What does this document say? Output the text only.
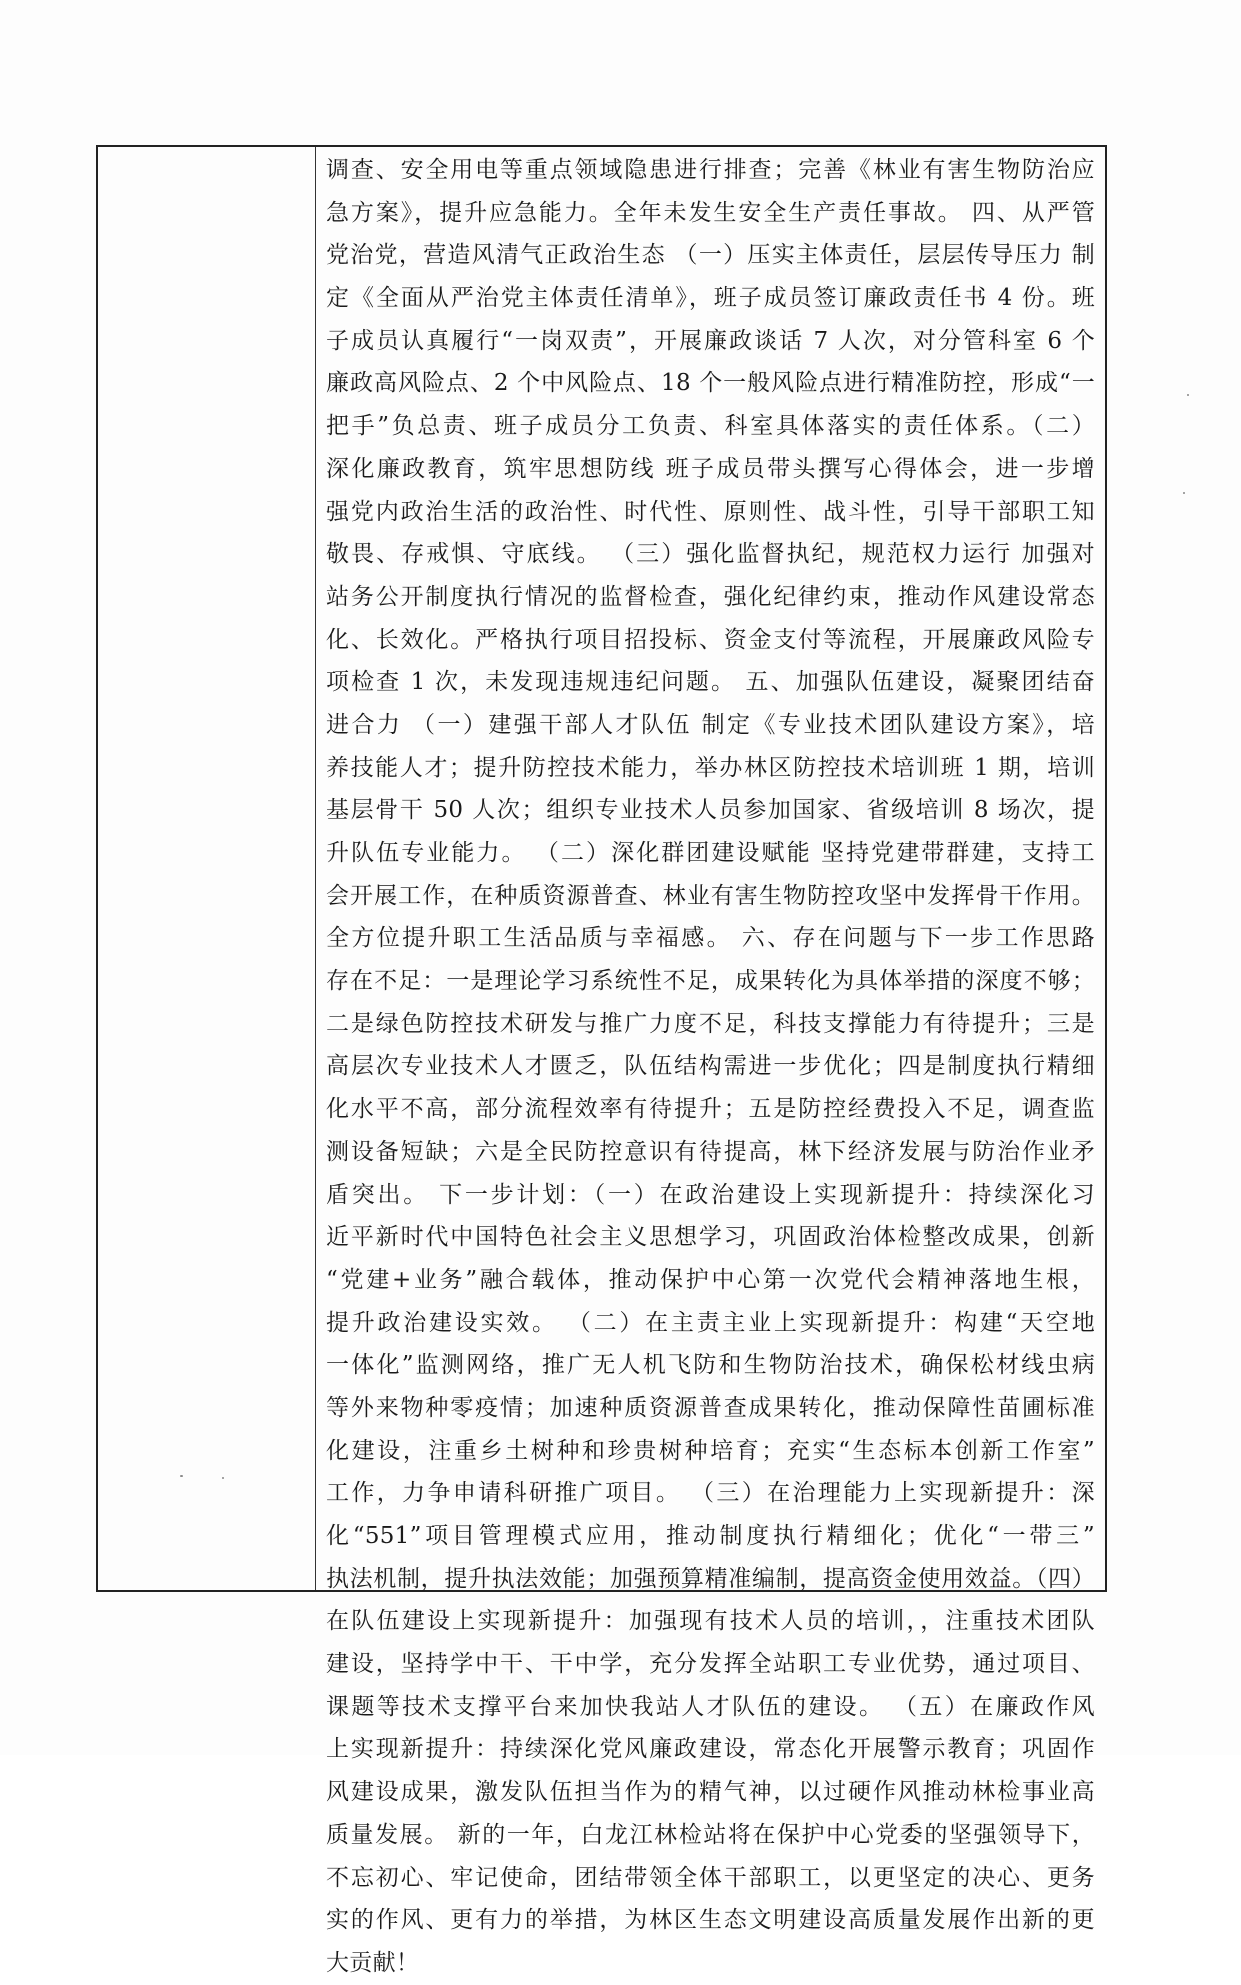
调查、安全用电等重点领域隐患进行排查；完善《林业有害生物防治应
急方案》，提升应急能力。全年未发生安全生产责任事故。 四、从严管
党治党，营造风清气正政治生态 （一）压实主体责任，层层传导压力 制
定《全面从严治党主体责任清单》，班子成员签订廉政责任书 4 份。班
子成员认真履行“一岗双责”，开展廉政谈话 7 人次，对分管科室 6 个
廉政高风险点、2 个中风险点、18 个一般风险点进行精准防控，形成“一
把手”负总责、班子成员分工负责、科室具体落实的责任体系。（二）
深化廉政教育，筑牢思想防线 班子成员带头撰写心得体会，进一步增
强党内政治生活的政治性、时代性、原则性、战斗性，引导干部职工知
敬畏、存戒惧、守底线。 （三）强化监督执纪，规范权力运行 加强对
站务公开制度执行情况的监督检查，强化纪律约束，推动作风建设常态
化、长效化。严格执行项目招投标、资金支付等流程，开展廉政风险专
项检查 1 次，未发现违规违纪问题。 五、加强队伍建设，凝聚团结奋
进合力 （一）建强干部人才队伍 制定《专业技术团队建设方案》，培
养技能人才；提升防控技术能力，举办林区防控技术培训班 1 期，培训
基层骨干 50 人次；组织专业技术人员参加国家、省级培训 8 场次，提
升队伍专业能力。 （二）深化群团建设赋能 坚持党建带群建，支持工
会开展工作，在种质资源普查、林业有害生物防控攻坚中发挥骨干作用。
全方位提升职工生活品质与幸福感。 六、存在问题与下一步工作思路
存在不足：一是理论学习系统性不足，成果转化为具体举措的深度不够；
二是绿色防控技术研发与推广力度不足，科技支撑能力有待提升；三是
高层次专业技术人才匮乏，队伍结构需进一步优化；四是制度执行精细
化水平不高，部分流程效率有待提升；五是防控经费投入不足，调查监
测设备短缺；六是全民防控意识有待提高，林下经济发展与防治作业矛
盾突出。 下一步计划：（一）在政治建设上实现新提升：持续深化习
近平新时代中国特色社会主义思想学习，巩固政治体检整改成果，创新
“党建+业务”融合载体，推动保护中心第一次党代会精神落地生根，
提升政治建设实效。 （二）在主责主业上实现新提升：构建“天空地
一体化”监测网络，推广无人机飞防和生物防治技术，确保松材线虫病
等外来物种零疫情；加速种质资源普查成果转化，推动保障性苗圃标准
化建设，注重乡土树种和珍贵树种培育；充实“生态标本创新工作室”
工作，力争申请科研推广项目。 （三）在治理能力上实现新提升：深
化“551”项目管理模式应用，推动制度执行精细化；优化“一带三”
执法机制，提升执法效能；加强预算精准编制，提高资金使用效益。（四）
在队伍建设上实现新提升：加强现有技术人员的培训，，注重技术团队
建设，坚持学中干、干中学，充分发挥全站职工专业优势，通过项目、
课题等技术支撑平台来加快我站人才队伍的建设。 （五）在廉政作风
上实现新提升：持续深化党风廉政建设，常态化开展警示教育；巩固作
风建设成果，激发队伍担当作为的精气神，以过硬作风推动林检事业高
质量发展。 新的一年，白龙江林检站将在保护中心党委的坚强领导下，
不忘初心、牢记使命，团结带领全体干部职工，以更坚定的决心、更务
实的作风、更有力的举措，为林区生态文明建设高质量发展作出新的更
大贡献！
